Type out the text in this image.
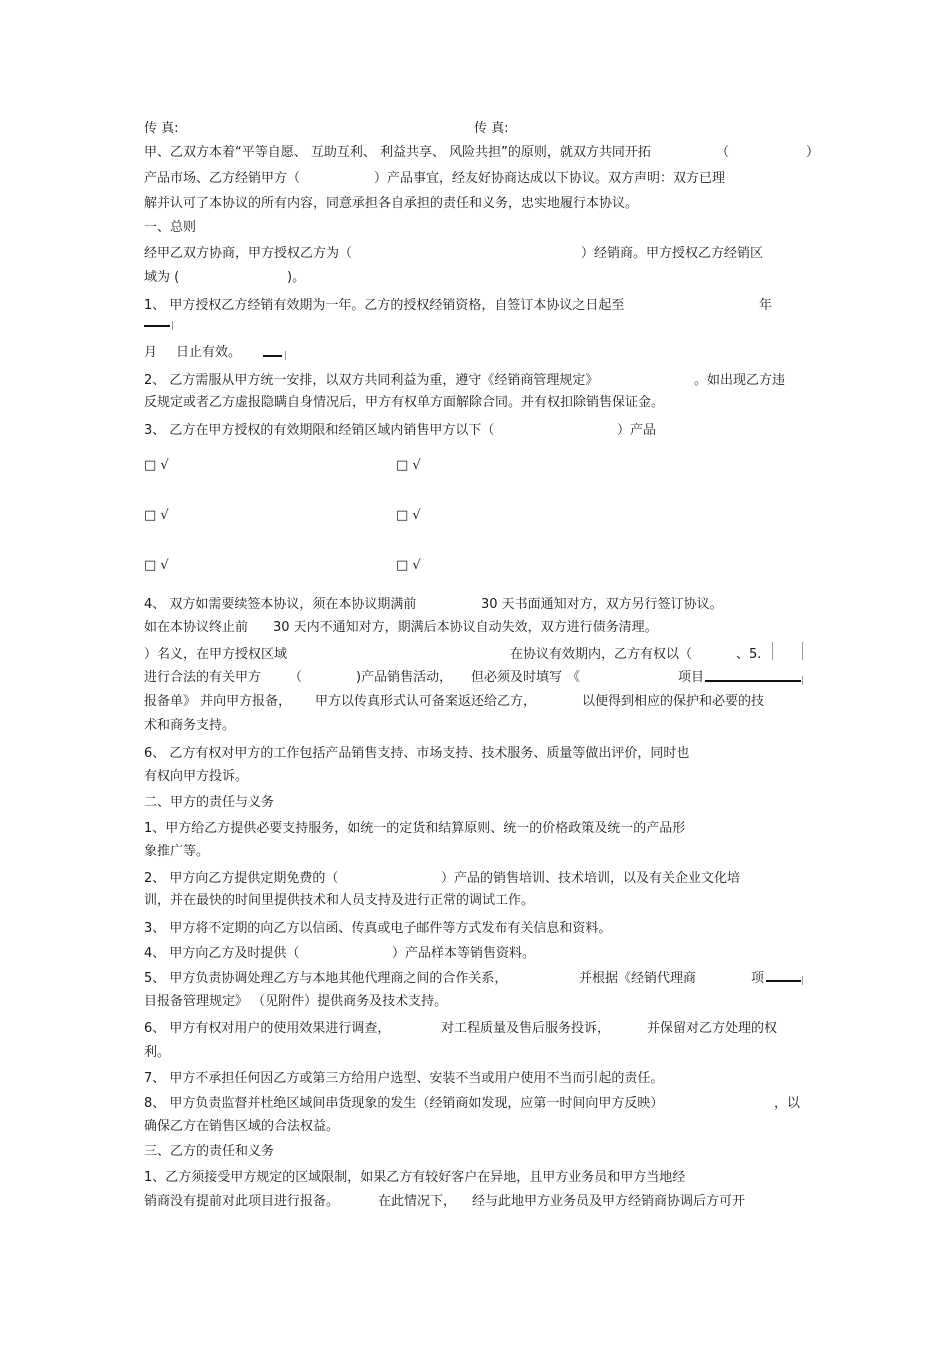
传 真:	传 真:
甲、乙双方本着“平等自愿、 互助互利、 利益共享、 风险共担”的原则，就双方共同开拓	（	）
产品市场、乙方经销甲方（	）产品事宜，经友好协商达成以下协议。双方声明：双方已理
解并认可了本协议的所有内容，同意承担各自承担的责任和义务，忠实地履行本协议。
一、总则
经甲乙双方协商，甲方授权乙方为（	）经销商。甲方授权乙方经销区
域为 (	)。
1、 甲方授权乙方经销有效期为一年。乙方的授权经销资格，自签订本协议之日起至	年
月 日止有效。
2、 乙方需服从甲方统一安排，以双方共同利益为重，遵守《经销商管理规定》	。如出现乙方违
反规定或者乙方虚报隐瞒自身情况后，甲方有权单方面解除合同。并有权扣除销售保证金。
3、 乙方在甲方授权的有效期限和经销区域内销售甲方以下（	）产品
□ √	□ √
□ √	□ √
□ √	□ √
4、 双方如需要续签本协议，须在本协议期满前	30 天书面通知对方，双方另行签订协议。
如在本协议终止前 30 天内不通知对方，期满后本协议自动失效，双方进行债务清理。
）名义，在甲方授权区域	在协议有效期内，乙方有权以（	、5.
进行合法的有关甲方 （	)产品销售活动， 但必须及时填写 《	项目
报备单》 并向甲方报备， 甲方以传真形式认可备案返还给乙方，	以便得到相应的保护和必要的技
术和商务支持。
6、 乙方有权对甲方的工作包括产品销售支持、市场支持、技术服务、质量等做出评价，同时也
有权向甲方投诉。
二、甲方的责任与义务
1、甲方给乙方提供必要支持服务，如统一的定货和结算原则、统一的价格政策及统一的产品形
象推广等。
2、 甲方向乙方提供定期免费的（	）产品的销售培训、技术培训，以及有关企业文化培
训，并在最快的时间里提供技术和人员支持及进行正常的调试工作。
3、 甲方将不定期的向乙方以信函、传真或电子邮件等方式发布有关信息和资料。
4、 甲方向乙方及时提供（	）产品样本等销售资料。
5、 甲方负责协调处理乙方与本地其他代理商之间的合作关系，	并根据《经销代理商	项
目报备管理规定》 （见附件）提供商务及技术支持。
6、 甲方有权对用户的使用效果进行调查，	对工程质量及售后服务投诉，	并保留对乙方处理的权
利。
7、 甲方不承担任何因乙方或第三方给用户选型、安装不当或用户使用不当而引起的责任。
8、 甲方负责监督并杜绝区域间串货现象的发生（经销商如发现，应第一时间向甲方反映）	，以
确保乙方在销售区域的合法权益。
三、乙方的责任和义务
1、乙方须接受甲方规定的区域限制，如果乙方有较好客户在异地，且甲方业务员和甲方当地经
销商没有提前对此项目进行报备。	在此情况下， 经与此地甲方业务员及甲方经销商协调后方可开
